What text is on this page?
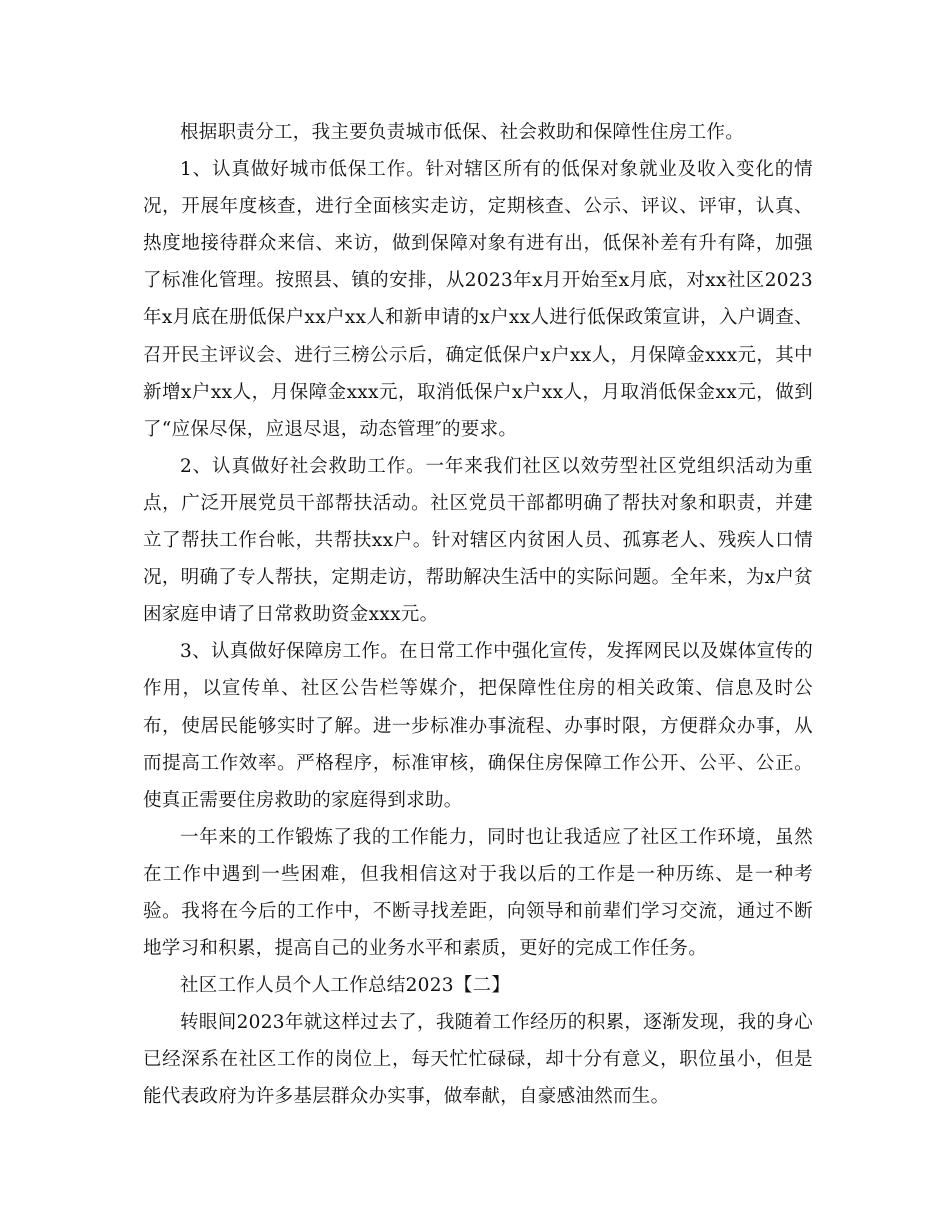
根据职责分工，我主要负责城市低保、社会救助和保障性住房工作。

1、认真做好城市低保工作。针对辖区所有的低保对象就业及收入变化的情况，开展年度核查，进行全面核实走访，定期核查、公示、评议、评审，认真、热度地接待群众来信、来访，做到保障对象有进有出，低保补差有升有降，加强了标准化管理。按照县、镇的安排，从2023年x月开始至x月底，对xx社区2023年x月底在册低保户xx户xx人和新申请的x户xx人进行低保政策宣讲，入户调查、召开民主评议会、进行三榜公示后，确定低保户x户xx人，月保障金xxx元，其中新增x户xx人，月保障金xxx元，取消低保户x户xx人，月取消低保金xx元，做到了“应保尽保，应退尽退，动态管理″的要求。

2、认真做好社会救助工作。一年来我们社区以效劳型社区党组织活动为重点，广泛开展党员干部帮扶活动。社区党员干部都明确了帮扶对象和职责，并建立了帮扶工作台帐，共帮扶xx户。针对辖区内贫困人员、孤寡老人、残疾人口情况，明确了专人帮扶，定期走访，帮助解决生活中的实际问题。全年来，为x户贫困家庭申请了日常救助资金xxx元。

3、认真做好保障房工作。在日常工作中强化宣传，发挥网民以及媒体宣传的作用，以宣传单、社区公告栏等媒介，把保障性住房的相关政策、信息及时公布，使居民能够实时了解。进一步标准办事流程、办事时限，方便群众办事，从而提高工作效率。严格程序，标准审核，确保住房保障工作公开、公平、公正。使真正需要住房救助的家庭得到求助。

一年来的工作锻炼了我的工作能力，同时也让我适应了社区工作环境，虽然在工作中遇到一些困难，但我相信这对于我以后的工作是一种历练、是一种考验。我将在今后的工作中，不断寻找差距，向领导和前辈们学习交流，通过不断地学习和积累，提高自己的业务水平和素质，更好的完成工作任务。

社区工作人员个人工作总结2023【二】

转眼间2023年就这样过去了，我随着工作经历的积累，逐渐发现，我的身心已经深系在社区工作的岗位上，每天忙忙碌碌，却十分有意义，职位虽小，但是能代表政府为许多基层群众办实事，做奉献，自豪感油然而生。
